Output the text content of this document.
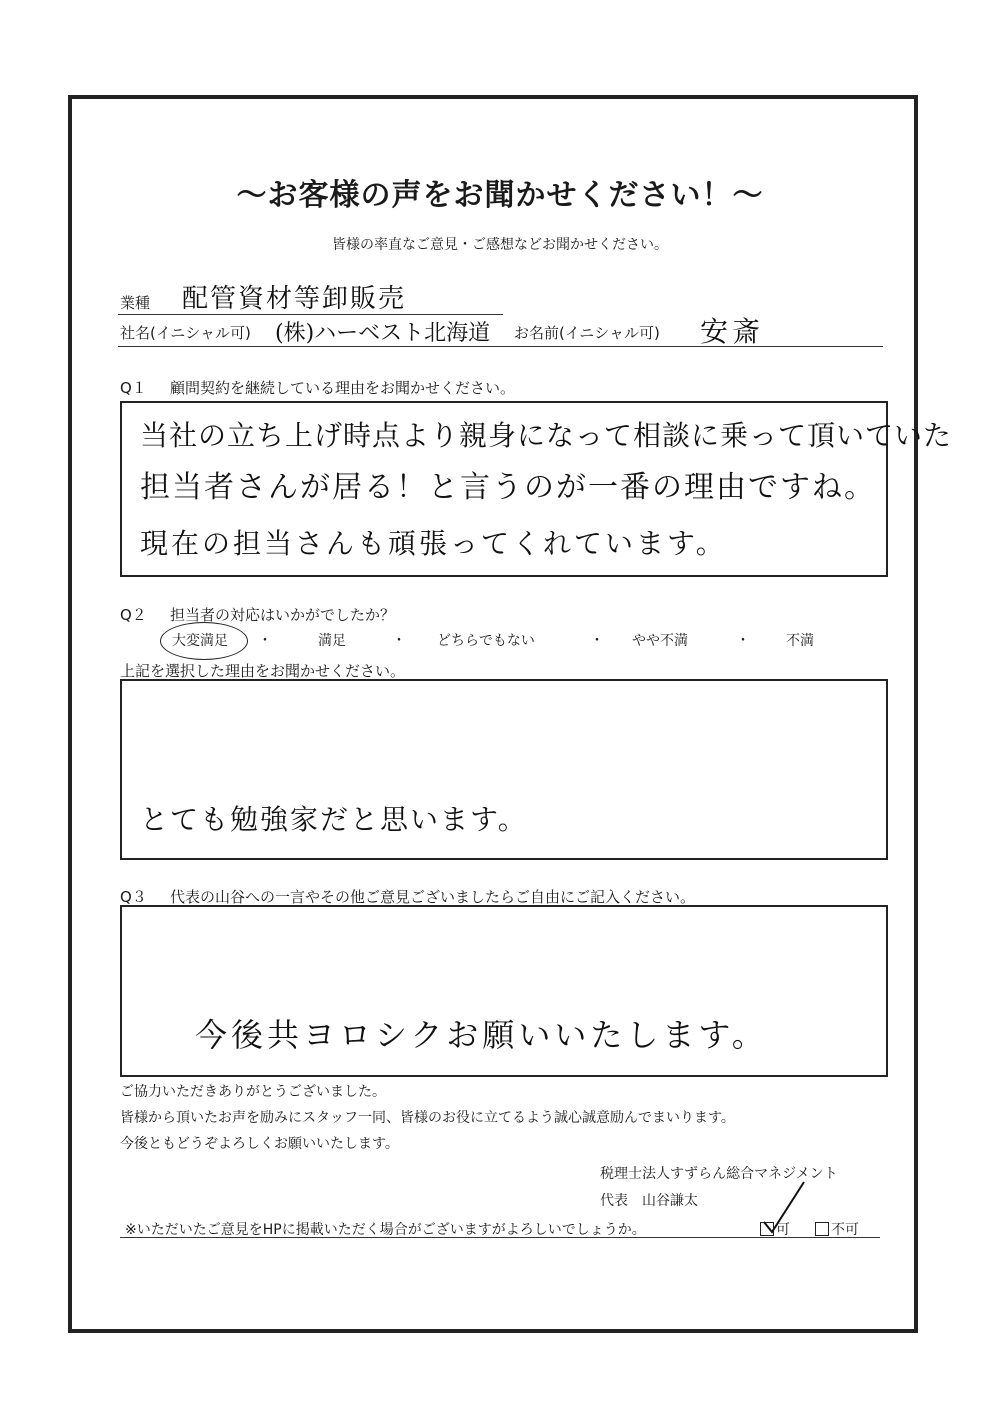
～お客様の声をお聞かせください！～
皆様の率直なご意見・ご感想などお聞かせください。
業種 配管資材等卸販売
社名(イニシャル可) (株)ハーベスト北海道 お名前(イニシャル可) 安斎
Q１ 顧問契約を継続している理由をお聞かせください。
当社の立ち上げ時点より親身になって相談に乗って頂いていた
担当者さんが居る！と言うのが一番の理由ですね。
現在の担当さんも頑張ってくれています。
Q２ 担当者の対応はいかがでしたか？
大変満足 ・	満足	・ どちらでもない	・ やや不満	・	不満
上記を選択した理由をお聞かせください。
とても勉強家だと思います。
Q３ 代表の山谷への一言やその他ご意見ございましたらご自由にご記入ください。
今後共ヨロシクお願いいたします。
ご協力いただきありがとうございました。
皆様から頂いたお声を励みにスタッフ一同、皆様のお役に立てるよう誠心誠意励んでまいります。
今後ともどうぞよろしくお願いいたします。
税理士法人すずらん総合マネジメント
代表　山谷謙太
※いただいたご意見をHPに掲載いただく場合がございますがよろしいでしょうか。	可	不可
